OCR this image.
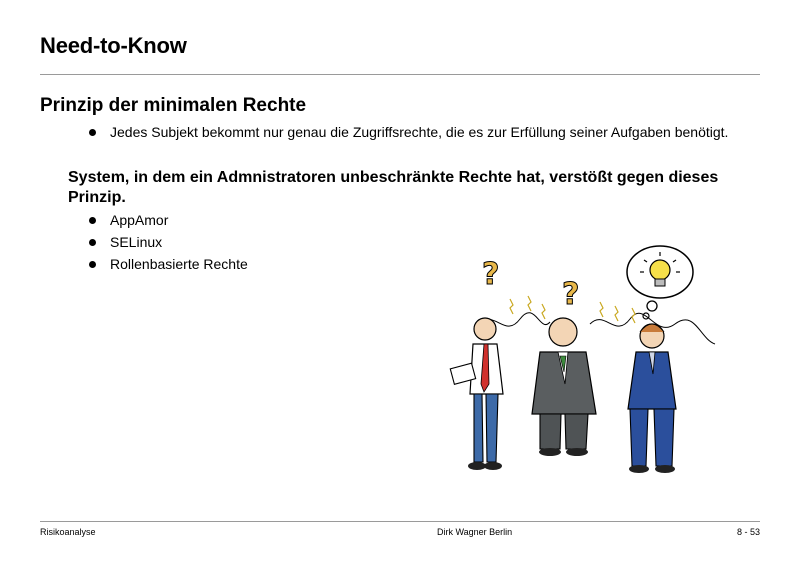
Need-to-Know
Prinzip der minimalen Rechte
Jedes Subjekt bekommt nur genau die Zugriffsrechte, die es zur Erfüllung seiner Aufgaben benötigt.
System, in dem ein Admnistratoren unbeschränkte Rechte hat, verstößt gegen dieses Prinzip.
AppAmor
SELinux
Rollenbasierte Rechte	?
?
Risikoanalyse	Dirk Wagner Berlin	8 - 53
